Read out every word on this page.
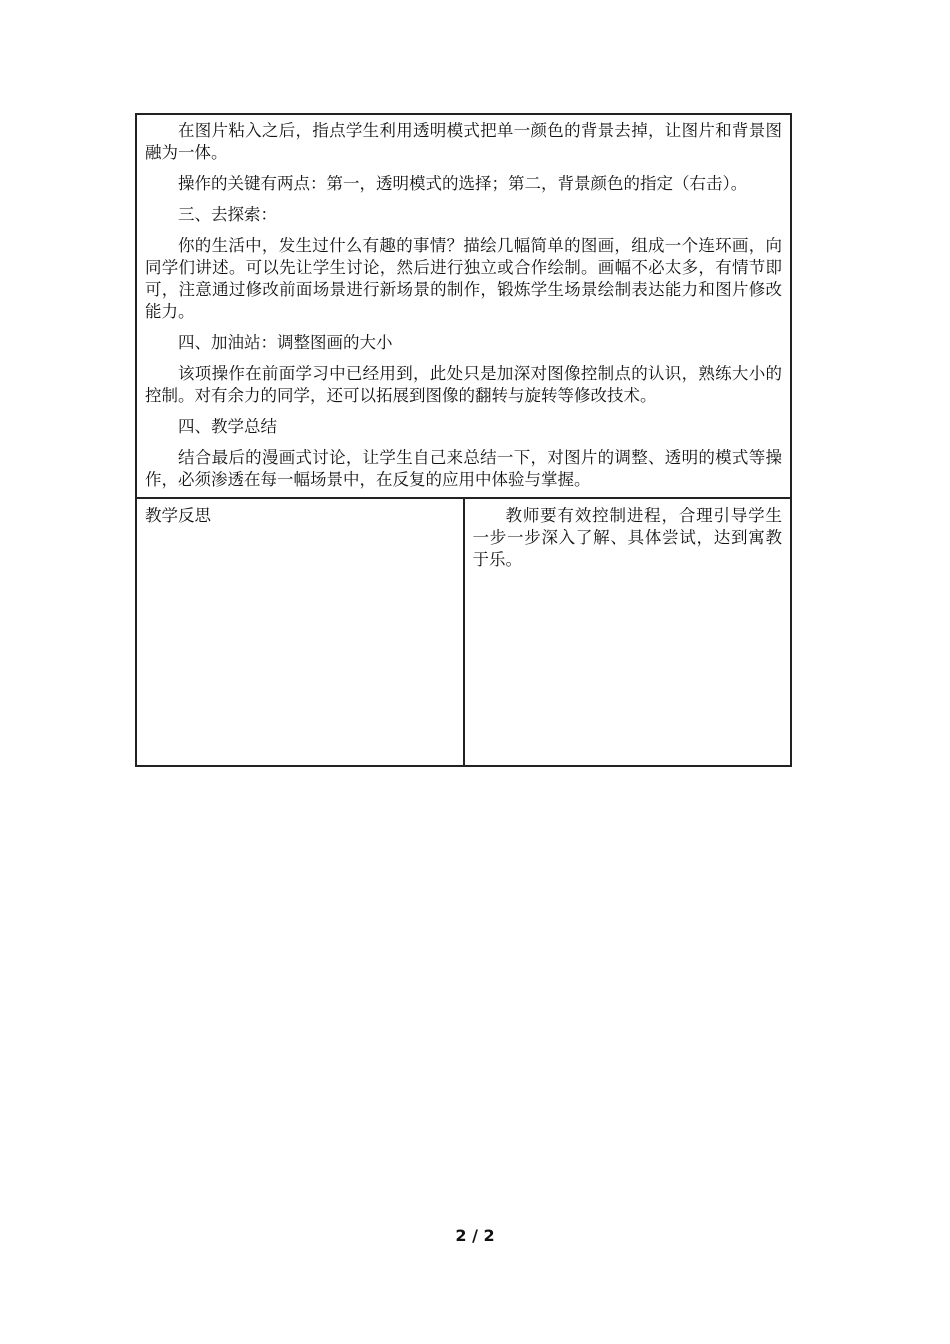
在图片粘入之后，指点学生利用透明模式把单一颜色的背景去掉，让图片和背景图融为一体。

操作的关键有两点：第一，透明模式的选择；第二，背景颜色的指定（右击）。

三、去探索：

你的生活中，发生过什么有趣的事情？描绘几幅简单的图画，组成一个连环画，向同学们讲述。可以先让学生讨论，然后进行独立或合作绘制。画幅不必太多，有情节即可，注意通过修改前面场景进行新场景的制作，锻炼学生场景绘制表达能力和图片修改能力。

四、加油站：调整图画的大小

该项操作在前面学习中已经用到，此处只是加深对图像控制点的认识，熟练大小的控制。对有余力的同学，还可以拓展到图像的翻转与旋转等修改技术。

四、教学总结

结合最后的漫画式讨论，让学生自己来总结一下，对图片的调整、透明的模式等操作，必须渗透在每一幅场景中，在反复的应用中体验与掌握。

教学反思	教师要有效控制进程，合理引导学生一步一步深入了解、具体尝试，达到寓教于乐。

2 / 2
